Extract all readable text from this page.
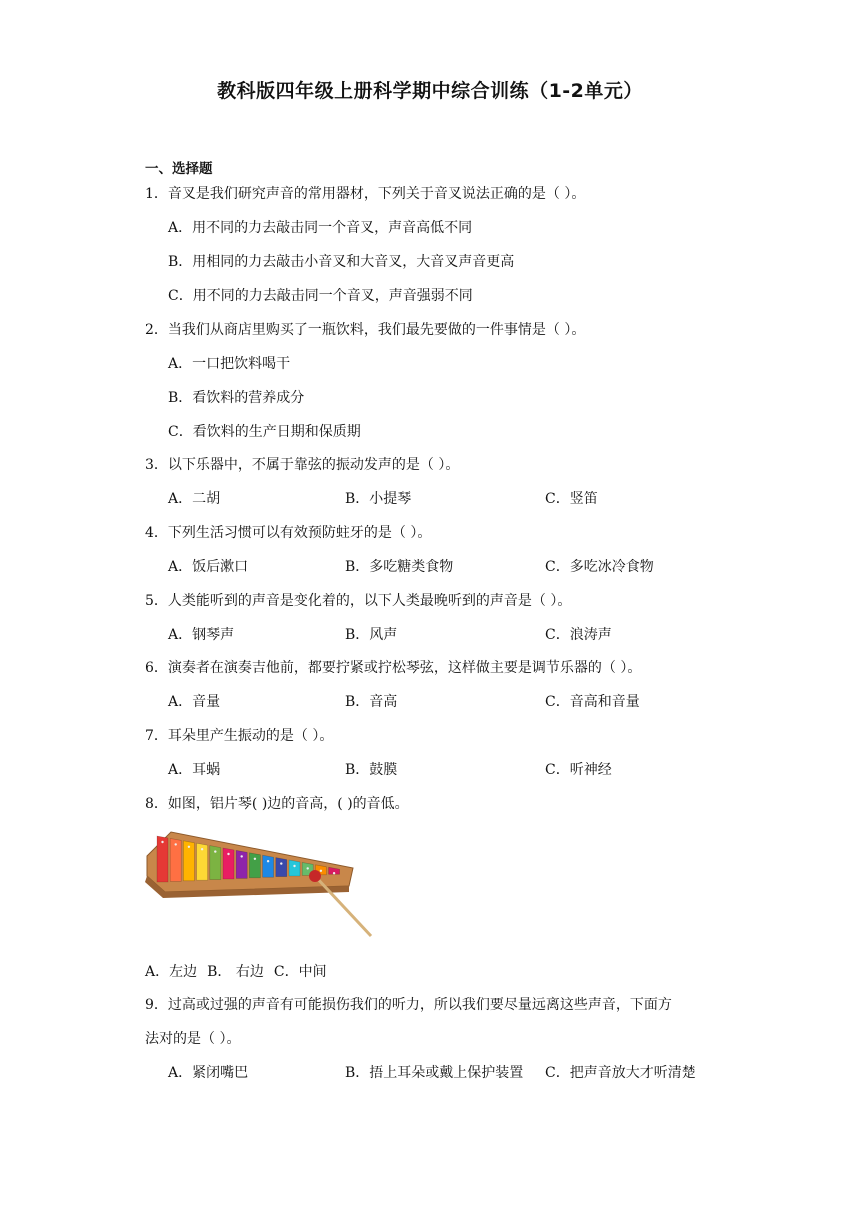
教科版四年级上册科学期中综合训练（1-2单元）
一、选择题
1．音叉是我们研究声音的常用器材，下列关于音叉说法正确的是（ ）。
A．用不同的力去敲击同一个音叉，声音高低不同
B．用相同的力去敲击小音叉和大音叉，大音叉声音更高
C．用不同的力去敲击同一个音叉，声音强弱不同
2．当我们从商店里购买了一瓶饮料，我们最先要做的一件事情是（ ）。
A．一口把饮料喝干
B．看饮料的营养成分
C．看饮料的生产日期和保质期
3．以下乐器中，不属于靠弦的振动发声的是（ ）。
A．二胡	B．小提琴	C．竖笛
4．下列生活习惯可以有效预防蛀牙的是（ ）。
A．饭后漱口	B．多吃糖类食物	C．多吃冰冷食物
5．人类能听到的声音是变化着的，以下人类最晚听到的声音是（ ）。
A．钢琴声	B．风声	C．浪涛声
6．演奏者在演奏吉他前，都要拧紧或拧松琴弦，这样做主要是调节乐器的（ ）。
A．音量	B．音高	C．音高和音量
7．耳朵里产生振动的是（ ）。
A．耳蜗	B．鼓膜	C．听神经
8．如图，铝片琴( )边的音高，( )的音低。
A．左边 B． 右边 C．中间
9．过高或过强的声音有可能损伤我们的听力，所以我们要尽量远离这些声音，下面方
法对的是（ ）。
A．紧闭嘴巴	B．捂上耳朵或戴上保护装置 C．把声音放大才听清楚
